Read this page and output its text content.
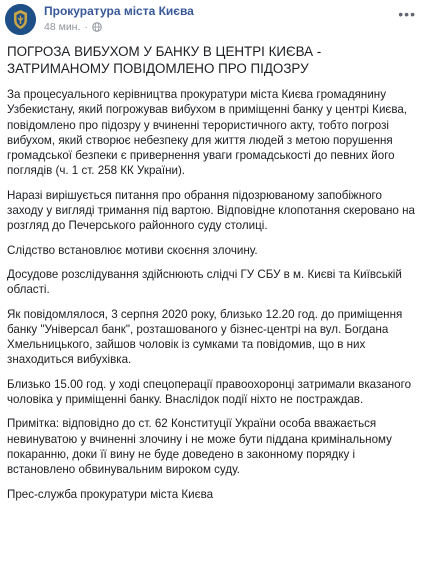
Прокуратура міста Києва
48 мин. ·
•••

ПОГРОЗА ВИБУХОМ У БАНКУ В ЦЕНТРІ КИЄВА - ЗАТРИМАНОМУ ПОВІДОМЛЕНО ПРО ПІДОЗРУ

За процесуального керівництва прокуратури міста Києва громадянину Узбекистану, який погрожував вибухом в приміщенні банку у центрі Києва, повідомлено про підозру у вчиненні терористичного акту, тобто погрозі вибухом, який створює небезпеку для життя людей з метою порушення громадської безпеки є привернення уваги громадськості до певних його поглядів (ч. 1 ст. 258 КК України).

Наразі вирішується питання про обрання підозрюваному запобіжного заходу у вигляді тримання під вартою. Відповідне клопотання скеровано на розгляд до Печерського районного суду столиці.

Слідство встановлює мотиви скоєння злочину.

Досудове розслідування здійснюють слідчі ГУ СБУ в м. Києві та Київській області.

Як повідомлялося, 3 серпня 2020 року, близько 12.20 год. до приміщення банку "Універсал банк", розташованого у бізнес-центрі на вул. Богдана Хмельницького, зайшов чоловік із сумками та повідомив, що в них знаходиться вибухівка.

Близько 15.00 год. у ході спецоперації правоохоронці затримали вказаного чоловіка у приміщенні банку. Внаслідок події ніхто не постраждав.

Примітка: відповідно до ст. 62 Конституції України особа вважається невинуватою у вчиненні злочину і не може бути піддана кримінальному покаранню, доки її вину не буде доведено в законному порядку і встановлено обвинувальним вироком суду.

Прес-служба прокуратури міста Києва
